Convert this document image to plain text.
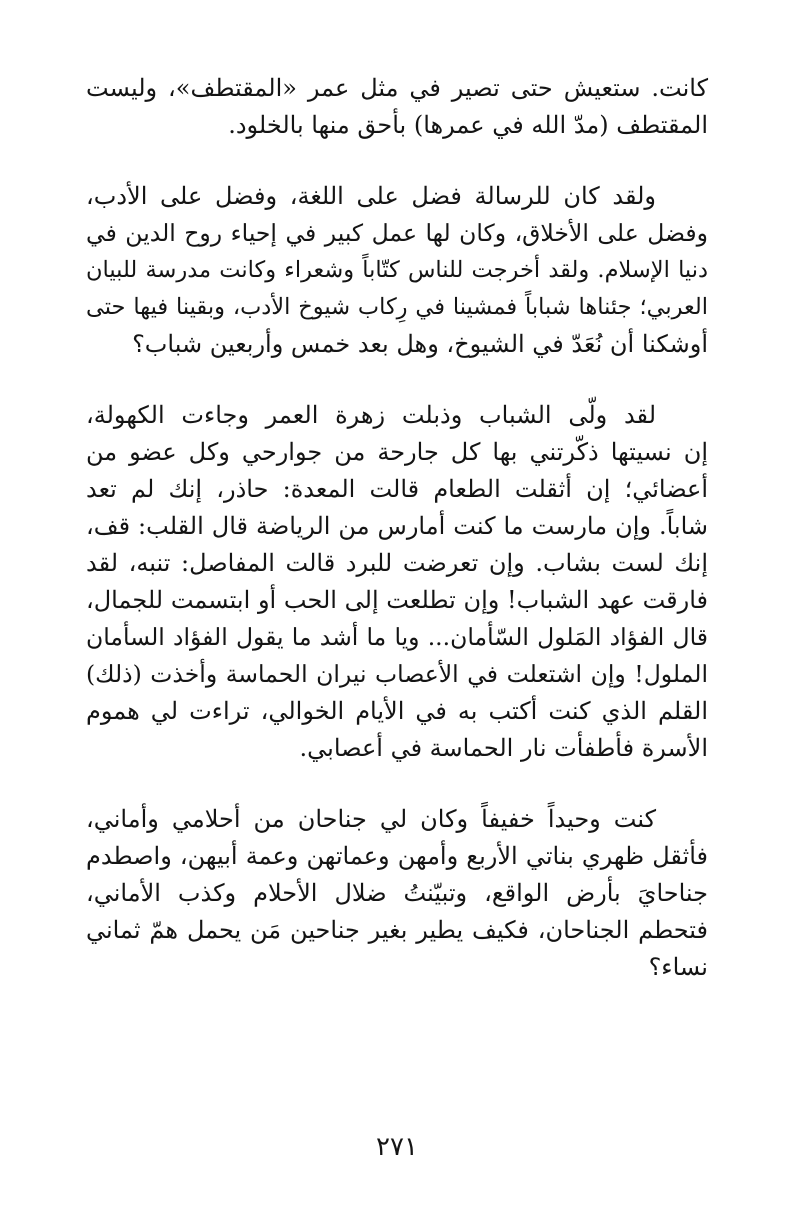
كانت. ستعيش حتى تصير في مثل عمر «المقتطف»، وليست
المقتطف (مدّ الله في عمرها) بأحق منها بالخلود.

ولقد كان للرسالة فضل على اللغة، وفضل على الأدب،
وفضل على الأخلاق، وكان لها عمل كبير في إحياء روح الدين في
دنيا الإسلام. ولقد أخرجت للناس كتّاباً وشعراء وكانت مدرسة للبيان
العربي؛ جئناها شباباً فمشينا في رِكاب شيوخ الأدب، وبقينا فيها حتى
أوشكنا أن نُعَدّ في الشيوخ، وهل بعد خمس وأربعين شباب؟

لقد ولّى الشباب وذبلت زهرة العمر وجاءت الكهولة،
إن نسيتها ذكّرتني بها كل جارحة من جوارحي وكل عضو من
أعضائي؛ إن أثقلت الطعام قالت المعدة: حاذر، إنك لم تعد
شاباً. وإن مارست ما كنت أمارس من الرياضة قال القلب: قف،
إنك لست بشاب. وإن تعرضت للبرد قالت المفاصل: تنبه، لقد
فارقت عهد الشباب! وإن تطلعت إلى الحب أو ابتسمت للجمال،
قال الفؤاد المَلول السّأمان... ويا ما أشد ما يقول الفؤاد السأمان
الملول! وإن اشتعلت في الأعصاب نيران الحماسة وأخذت (ذلك)
القلم الذي كنت أكتب به في الأيام الخوالي، تراءت لي هموم
الأسرة فأطفأت نار الحماسة في أعصابي.

كنت وحيداً خفيفاً وكان لي جناحان من أحلامي وأماني،
فأثقل ظهري بناتي الأربع وأمهن وعماتهن وعمة أبيهن، واصطدم
جناحايَ بأرض الواقع، وتبيّنتُ ضلال الأحلام وكذب الأماني،
فتحطم الجناحان، فكيف يطير بغير جناحين مَن يحمل همّ ثماني
نساء؟

٢٧١
